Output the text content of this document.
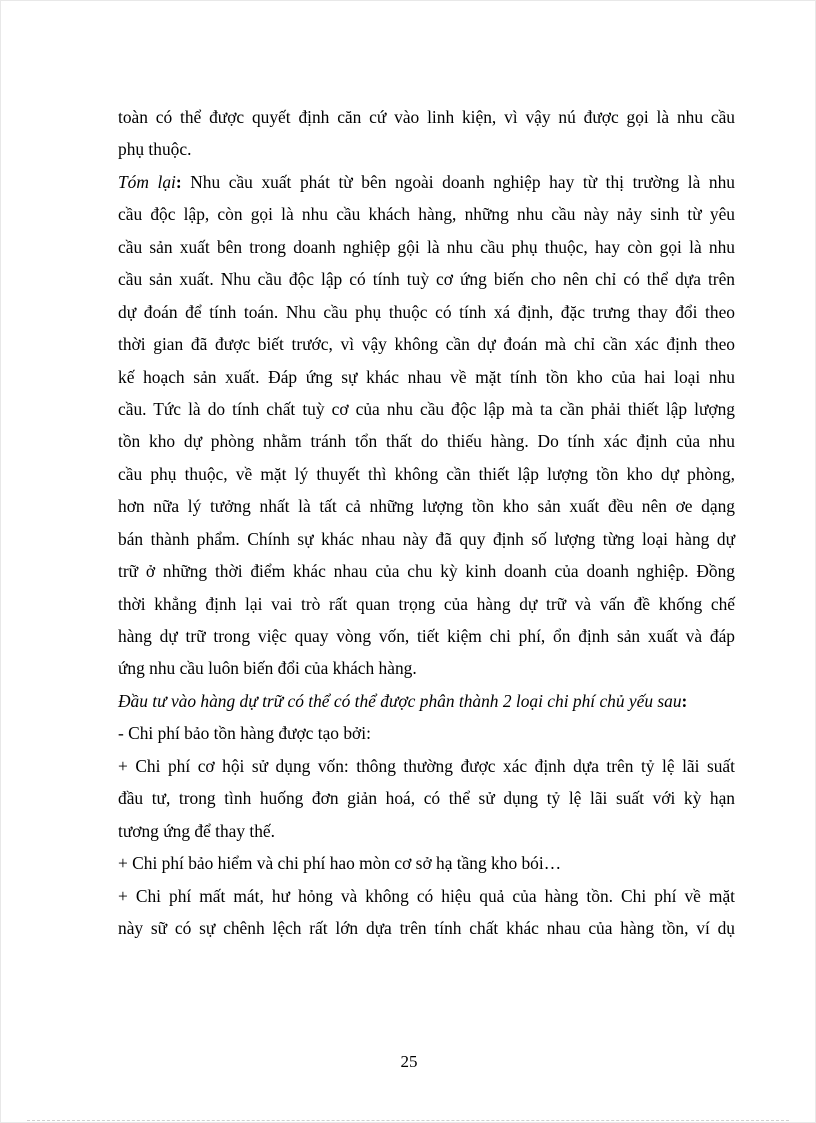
toàn có thể được quyết định căn cứ vào linh kiện, vì vậy nú được gọi là nhu cầu
phụ thuộc.
Tóm lại: Nhu cầu xuất phát từ bên ngoài doanh nghiệp hay từ thị trường là nhu
cầu độc lập, còn gọi là nhu cầu khách hàng, những nhu cầu này nảy sinh từ yêu
cầu sản xuất bên trong doanh nghiệp gội là nhu cầu phụ thuộc, hay còn gọi là nhu
cầu sản xuất. Nhu cầu độc lập có tính tuỳ cơ ứng biến cho nên chỉ có thể dựa trên
dự đoán để tính toán. Nhu cầu phụ thuộc có tính xá định, đặc trưng thay đổi theo
thời gian đã được biết trước, vì vậy không cần dự đoán mà chỉ cần xác định theo
kế hoạch sản xuất. Đáp ứng sự khác nhau về mặt tính tồn kho của hai loại nhu
cầu. Tức là do tính chất tuỳ cơ của nhu cầu độc lập mà ta cần phải thiết lập lượng
tồn kho dự phòng nhằm tránh tổn thất do thiếu hàng. Do tính xác định của nhu
cầu phụ thuộc, về mặt lý thuyết thì không cần thiết lập lượng tồn kho dự phòng,
hơn nữa lý tưởng nhất là tất cả những lượng tồn kho sản xuất đều nên ơe dạng
bán thành phẩm. Chính sự khác nhau này đã quy định số lượng từng loại hàng dự
trữ ở những thời điểm khác nhau của chu kỳ kinh doanh của doanh nghiệp. Đồng
thời khẳng định lại vai trò rất quan trọng của hàng dự trữ và vấn đề khống chế
hàng dự trữ trong việc quay vòng vốn, tiết kiệm chi phí, ổn định sản xuất và đáp
ứng nhu cầu luôn biến đổi của khách hàng.
Đầu tư vào hàng dự trữ có thể có thể được phân thành 2 loại chi phí chủ yếu sau:
- Chi phí bảo tồn hàng được tạo bởi:
+ Chi phí cơ hội sử dụng vốn: thông thường được xác định dựa trên tỷ lệ lãi suất
đầu tư, trong tình huống đơn giản hoá, có thể sử dụng tỷ lệ lãi suất với kỳ hạn
tương ứng để thay thế.
+ Chi phí bảo hiểm và chi phí hao mòn cơ sở hạ tầng kho bói…
+ Chi phí mất mát, hư hỏng và không có hiệu quả của hàng tồn. Chi phí về mặt
này sữ có sự chênh lệch rất lớn dựa trên tính chất khác nhau của hàng tồn, ví dụ
25
